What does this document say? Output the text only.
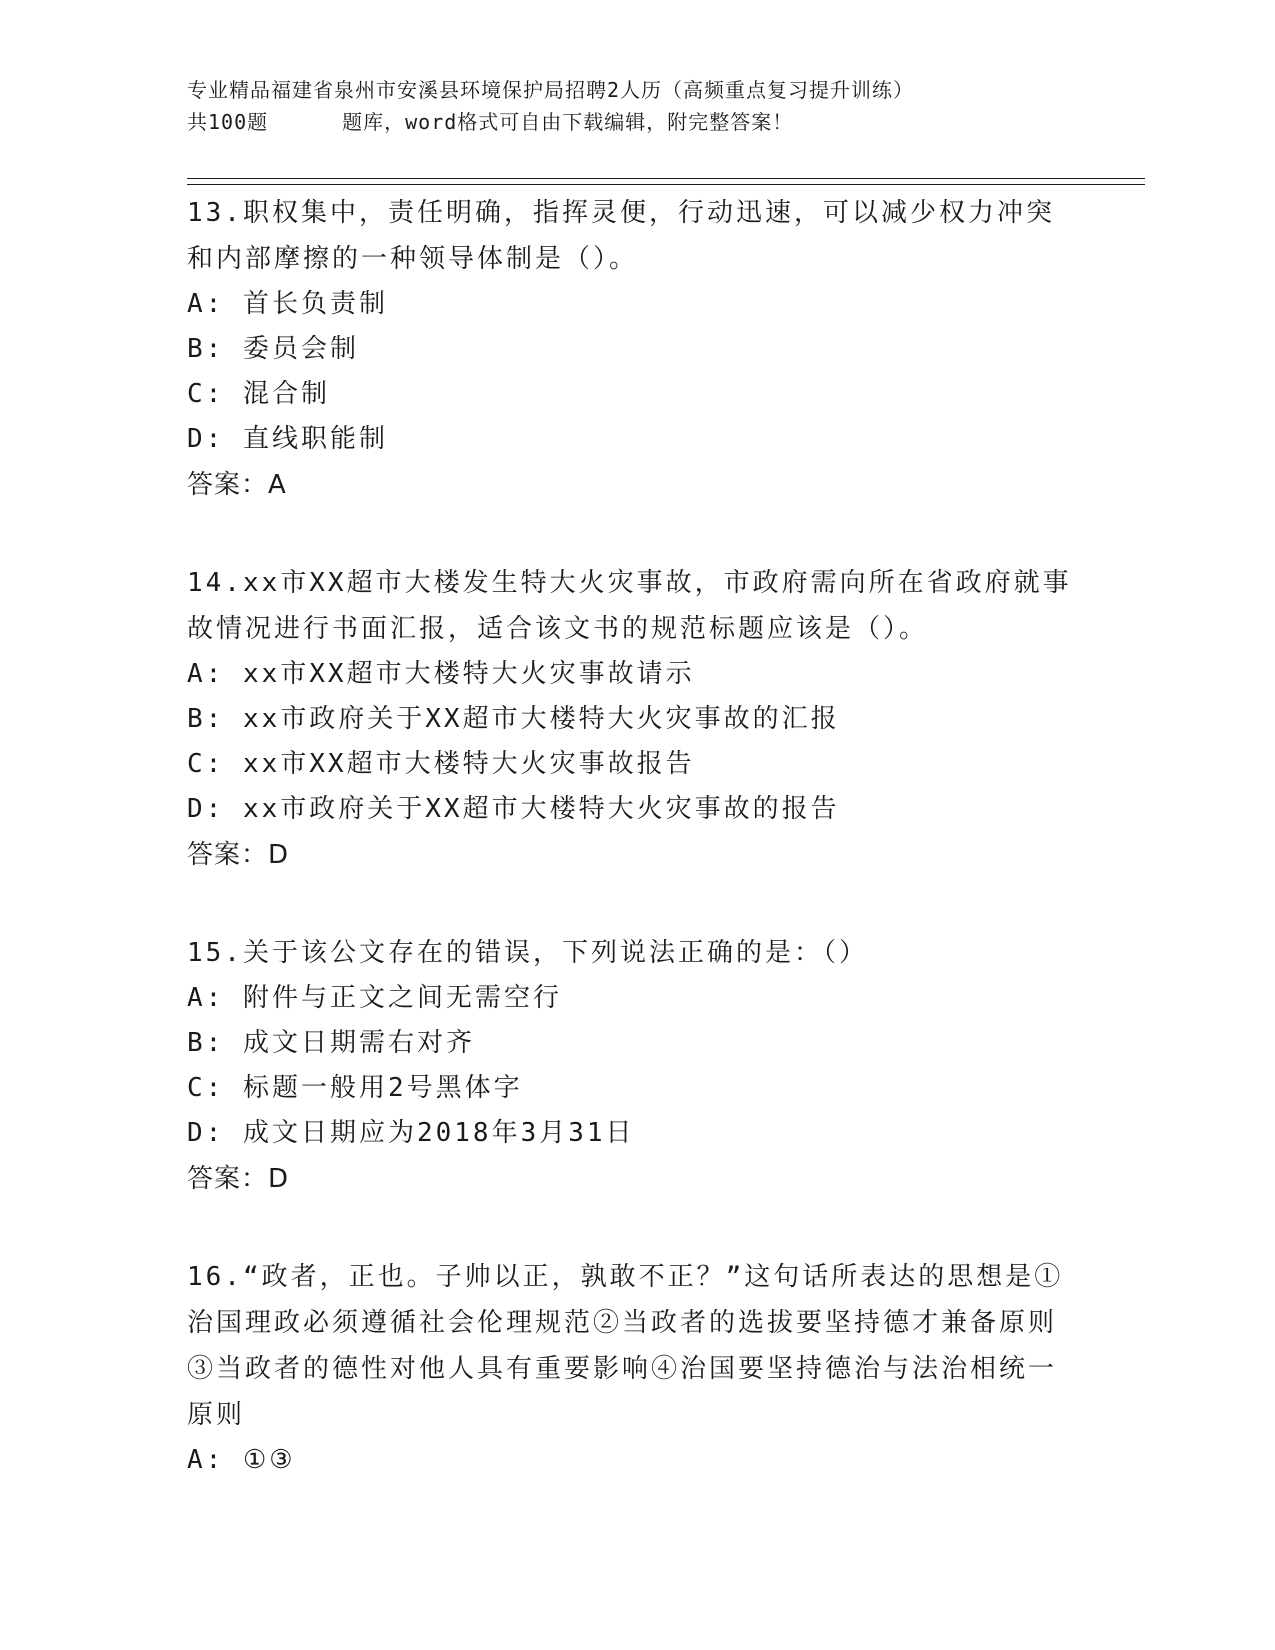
专业精品福建省泉州市安溪县环境保护局招聘2人历（高频重点复习提升训练）
共100题	题库，word格式可自由下载编辑，附完整答案！

13.职权集中，责任明确，指挥灵便，行动迅速，可以减少权力冲突和内部摩擦的一种领导体制是（）。

A: 首长负责制

B: 委员会制

C: 混合制

D: 直线职能制

答案：A

14.xx市XX超市大楼发生特大火灾事故，市政府需向所在省政府就事故情况进行书面汇报，适合该文书的规范标题应该是（）。

A: xx市XX超市大楼特大火灾事故请示

B: xx市政府关于XX超市大楼特大火灾事故的汇报

C: xx市XX超市大楼特大火灾事故报告

D: xx市政府关于XX超市大楼特大火灾事故的报告

答案：D

15.关于该公文存在的错误，下列说法正确的是：（）

A: 附件与正文之间无需空行

B: 成文日期需右对齐

C: 标题一般用2号黑体字

D: 成文日期应为2018年3月31日

答案：D

16.“政者，正也。子帅以正，孰敢不正？”这句话所表达的思想是①治国理政必须遵循社会伦理规范②当政者的选拔要坚持德才兼备原则③当政者的德性对他人具有重要影响④治国要坚持德治与法治相统一原则

A: ①③
